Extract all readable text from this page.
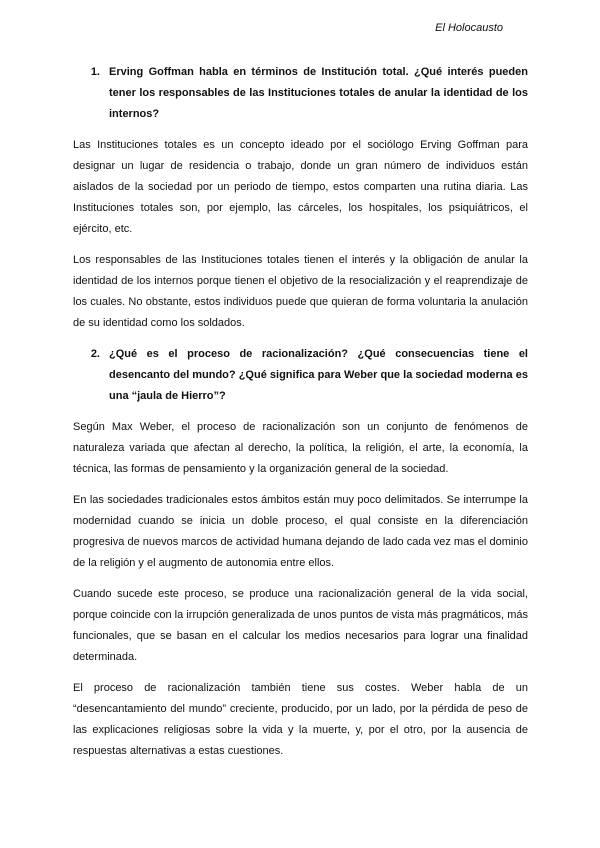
El Holocausto
1. Erving Goffman habla en términos de Institución total. ¿Qué interés pueden tener los responsables de las Instituciones totales de anular la identidad de los internos?

Las Instituciones totales es un concepto ideado por el sociólogo Erving Goffman para designar un lugar de residencia o trabajo, donde un gran número de individuos están aislados de la sociedad por un periodo de tiempo, estos comparten una rutina diaria. Las Instituciones totales son, por ejemplo, las cárceles, los hospitales, los psiquiátricos, el ejército, etc.

Los responsables de las Instituciones totales tienen el interés y la obligación de anular la identidad de los internos porque tienen el objetivo de la resocialización y el reaprendizaje de los cuales. No obstante, estos individuos puede que quieran de forma voluntaria la anulación de su identidad como los soldados.

2. ¿Qué es el proceso de racionalización? ¿Qué consecuencias tiene el desencanto del mundo? ¿Qué significa para Weber que la sociedad moderna es una “jaula de Hierro”?

Según Max Weber, el proceso de racionalización son un conjunto de fenómenos de naturaleza variada que afectan al derecho, la política, la religión, el arte, la economía, la técnica, las formas de pensamiento y la organización general de la sociedad.

En las sociedades tradicionales estos ámbitos están muy poco delimitados. Se interrumpe la modernidad cuando se inicia un doble proceso, el qual consiste en la diferenciación progresiva de nuevos marcos de actividad humana dejando de lado cada vez mas el dominio de la religión y el augmento de autonomia entre ellos.

Cuando sucede este proceso, se produce una racionalización general de la vida social, porque coincide con la irrupción generalizada de unos puntos de vista más pragmáticos, más funcionales, que se basan en el calcular los medios necesarios para lograr una finalidad determinada.

El proceso de racionalización también tiene sus costes. Weber habla de un “desencantamiento del mundo” creciente, producido, por un lado, por la pérdida de peso de las explicaciones religiosas sobre la vida y la muerte, y, por el otro, por la ausencia de respuestas alternativas a estas cuestiones.
